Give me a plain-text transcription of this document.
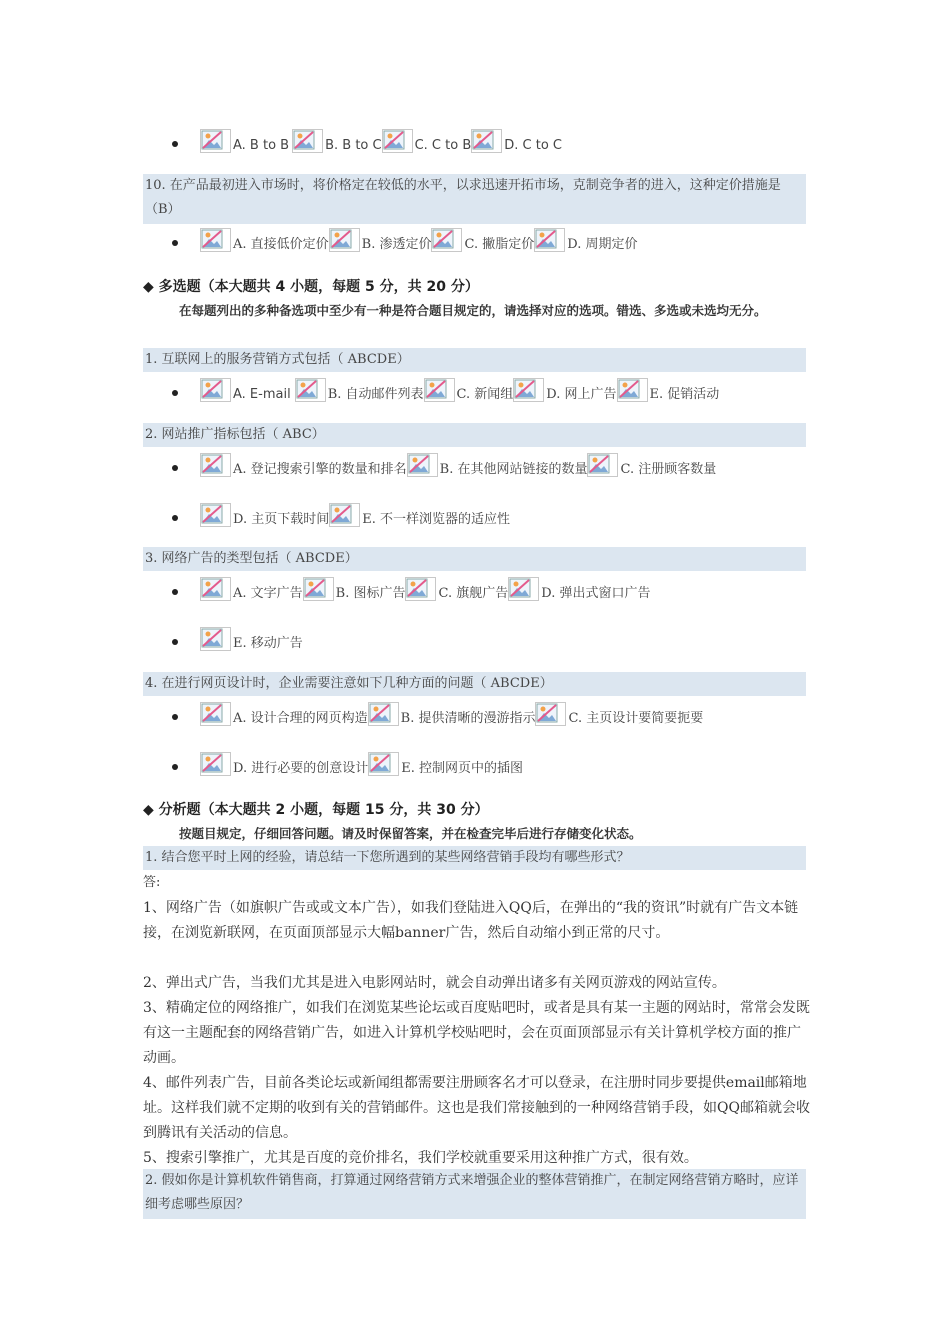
A. B to B	B. B to C	C. C to B	D. C to C
10. 在产品最初进入市场时，将价格定在较低的水平，以求迅速开拓市场，克制竞争者的进入，这种定价措施是（B）
A. 直接低价定价	B. 渗透定价	C. 撇脂定价	D. 周期定价
◆ 多选题（本大题共 4 小题，每题 5 分，共 20 分）
在每题列出的多种备选项中至少有一种是符合题目规定的，请选择对应的选项。错选、多选或未选均无分。
1. 互联网上的服务营销方式包括（ ABCDE）
A. E-mail	B. 自动邮件列表	C. 新闻组	D. 网上广告	E. 促销活动
2. 网站推广指标包括（ ABC）
A. 登记搜索引擎的数量和排名	B. 在其他网站链接的数量	C. 注册顾客数量
D. 主页下载时间	E. 不一样浏览器的适应性
3. 网络广告的类型包括（ ABCDE）
A. 文字广告	B. 图标广告	C. 旗舰广告	D. 弹出式窗口广告
E. 移动广告
4. 在进行网页设计时，企业需要注意如下几种方面的问题（ ABCDE）
A. 设计合理的网页构造	B. 提供清晰的漫游指示	C. 主页设计要简要扼要
D. 进行必要的创意设计	E. 控制网页中的插图
◆ 分析题（本大题共 2 小题，每题 15 分，共 30 分）
按题目规定，仔细回答问题。请及时保留答案，并在检查完毕后进行存储变化状态。
1. 结合您平时上网的经验，请总结一下您所遇到的某些网络营销手段均有哪些形式？
答:
1、网络广告（如旗帜广告或或文本广告），如我们登陆进入QQ后，在弹出的“我的资讯”时就有广告文本链接，在浏览新联网，在页面顶部显示大幅banner广告，然后自动缩小到正常的尺寸。
2、弹出式广告，当我们尤其是进入电影网站时，就会自动弹出诸多有关网页游戏的网站宣传。
3、精确定位的网络推广，如我们在浏览某些论坛或百度贴吧时，或者是具有某一主题的网站时，常常会发既有这一主题配套的网络营销广告，如进入计算机学校贴吧时，会在页面顶部显示有关计算机学校方面的推广动画。
4、邮件列表广告，目前各类论坛或新闻组都需要注册顾客名才可以登录，在注册时同步要提供email邮箱地址。这样我们就不定期的收到有关的营销邮件。这也是我们常接触到的一种网络营销手段，如QQ邮箱就会收到腾讯有关活动的信息。
5、搜索引擎推广，尤其是百度的竞价排名，我们学校就重要采用这种推广方式，很有效。
2. 假如你是计算机软件销售商，打算通过网络营销方式来增强企业的整体营销推广，在制定网络营销方略时，应详细考虑哪些原因？
